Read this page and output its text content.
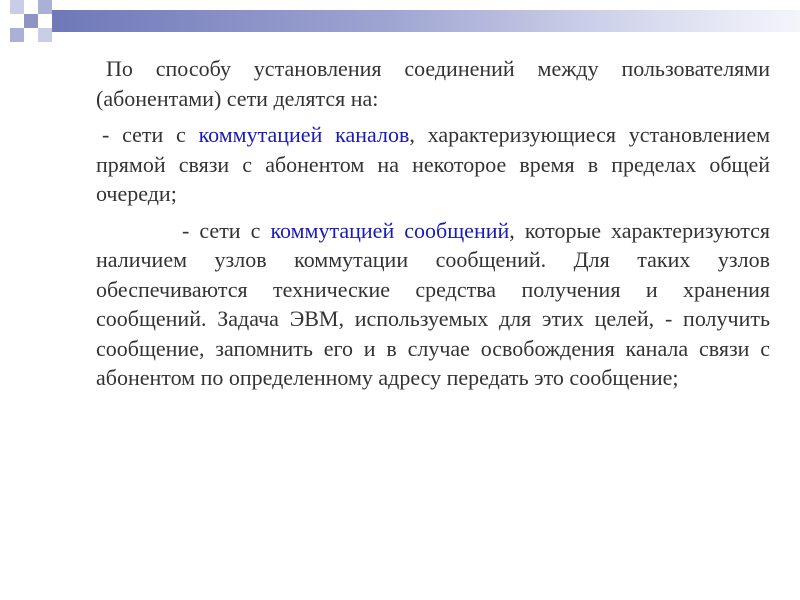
По способу установления соединений между пользователями (абонентами) сети делятся на:

- сети с коммутацией каналов, характеризующиеся установлением прямой связи с абонентом на некоторое время в пределах общей очереди;

- сети с коммутацией сообщений, которые характеризуются наличием узлов коммутации сообщений. Для таких узлов обеспечиваются технические средства получения и хранения сообщений. Задача ЭВМ, используемых для этих целей, - получить сообщение, запомнить его и в случае освобождения канала связи с абонентом по определенному адресу передать это сообщение;
